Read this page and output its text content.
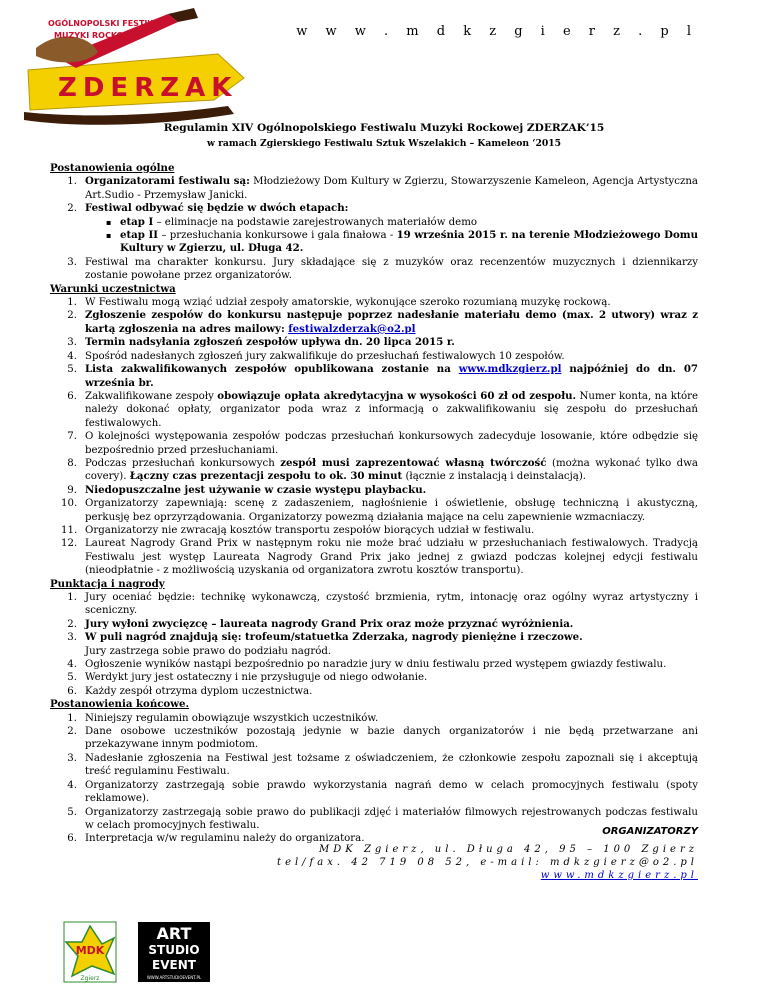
OGÓLNOPOLSKI FESTIWAL
MUZYKI ROCKOWEJ
ZDERZAK
w w w . m d k z g i e r z . p l
Regulamin XIV Ogólnopolskiego Festiwalu Muzyki Rockowej ZDERZAK’15
w ramach Zgierskiego Festiwalu Sztuk Wszelakich – Kameleon ‘2015
Postanowienia ogólne
Organizatorami festiwalu są: Młodzieżowy Dom Kultury w Zgierzu, Stowarzyszenie Kameleon, Agencja Artystyczna Art.Sudio - Przemysław Janicki.
Festiwal odbywać się będzie w dwóch etapach:
▪ etap I – eliminacje na podstawie zarejestrowanych materiałów demo
▪ etap II – przesłuchania konkursowe i gala finałowa - 19 września 2015 r. na terenie Młodzieżowego Domu Kultury w Zgierzu, ul. Długa 42.
Festiwal ma charakter konkursu. Jury składające się z muzyków oraz recenzentów muzycznych i dziennikarzy zostanie powołane przez organizatorów.
Warunki uczestnictwa
W Festiwalu mogą wziąć udział zespoły amatorskie, wykonujące szeroko rozumianą muzykę rockową.
Zgłoszenie zespołów do konkursu następuje poprzez nadesłanie materiału demo (max. 2 utwory) wraz z kartą zgłoszenia na adres mailowy: festiwalzderzak@o2.pl
Termin nadsyłania zgłoszeń zespołów upływa dn. 20 lipca 2015 r.
Spośród nadesłanych zgłoszeń jury zakwalifikuje do przesłuchań festiwalowych 10 zespołów.
Lista zakwalifikowanych zespołów opublikowana zostanie na www.mdkzgierz.pl najpóźniej do dn. 07 września br.
Zakwalifikowane zespoły obowiązuje opłata akredytacyjna w wysokości 60 zł od zespołu. Numer konta, na które należy dokonać opłaty, organizator poda wraz z informacją o zakwalifikowaniu się zespołu do przesłuchań festiwalowych.
O kolejności występowania zespołów podczas przesłuchań konkursowych zadecyduje losowanie, które odbędzie się bezpośrednio przed przesłuchaniami.
Podczas przesłuchań konkursowych zespół musi zaprezentować własną twórczość (można wykonać tylko dwa covery). Łączny czas prezentacji zespołu to ok. 30 minut (łącznie z instalacją i deinstalacją).
Niedopuszczalne jest używanie w czasie występu playbacku.
Organizatorzy zapewniają: scenę z zadaszeniem, nagłośnienie i oświetlenie, obsługę techniczną i akustyczną, perkusję bez oprzyrządowania. Organizatorzy powezmą działania mające na celu zapewnienie wzmacniaczy.
Organizatorzy nie zwracają kosztów transportu zespołów biorących udział w festiwalu.
Laureat Nagrody Grand Prix w następnym roku nie może brać udziału w przesłuchaniach festiwalowych. Tradycją Festiwalu jest występ Laureata Nagrody Grand Prix jako jednej z gwiazd podczas kolejnej edycji festiwalu (nieodpłatnie - z możliwością uzyskania od organizatora zwrotu kosztów transportu).
Punktacja i nagrody
Jury oceniać będzie: technikę wykonawczą, czystość brzmienia, rytm, intonację oraz ogólny wyraz artystyczny i sceniczny.
Jury wyłoni zwycięzcę – laureata nagrody Grand Prix oraz może przyznać wyróżnienia.
W puli nagród znajdują się: trofeum/statuetka Zderzaka, nagrody pieniężne i rzeczowe.
Jury zastrzega sobie prawo do podziału nagród.
Ogłoszenie wyników nastąpi bezpośrednio po naradzie jury w dniu festiwalu przed występem gwiazdy festiwalu.
Werdykt jury jest ostateczny i nie przysługuje od niego odwołanie.
Każdy zespół otrzyma dyplom uczestnictwa.
Postanowienia końcowe.
Niniejszy regulamin obowiązuje wszystkich uczestników.
Dane osobowe uczestników pozostają jedynie w bazie danych organizatorów i nie będą przetwarzane ani przekazywane innym podmiotom.
Nadesłanie zgłoszenia na Festiwal jest tożsame z oświadczeniem, że członkowie zespołu zapoznali się i akceptują treść regulaminu Festiwalu.
Organizatorzy zastrzegają sobie prawdo wykorzystania nagrań demo w celach promocyjnych festiwalu (spoty reklamowe).
Organizatorzy zastrzegają sobie prawo do publikacji zdjęć i materiałów filmowych rejestrowanych podczas festiwalu w celach promocyjnych festiwalu.
Interpretacja w/w regulaminu należy do organizatora.
ORGANIZATORZY
MDK Zgierz, ul. Długa 42, 95 – 100 Zgierz
tel/fax. 42 719 08 52, e-mail: mdkzgierz@o2.pl
www.mdkzgierz.pl
MDK
Zgierz
ART
STUDIO
EVENT
WWW.ARTSTUDIOEVENT.PL
